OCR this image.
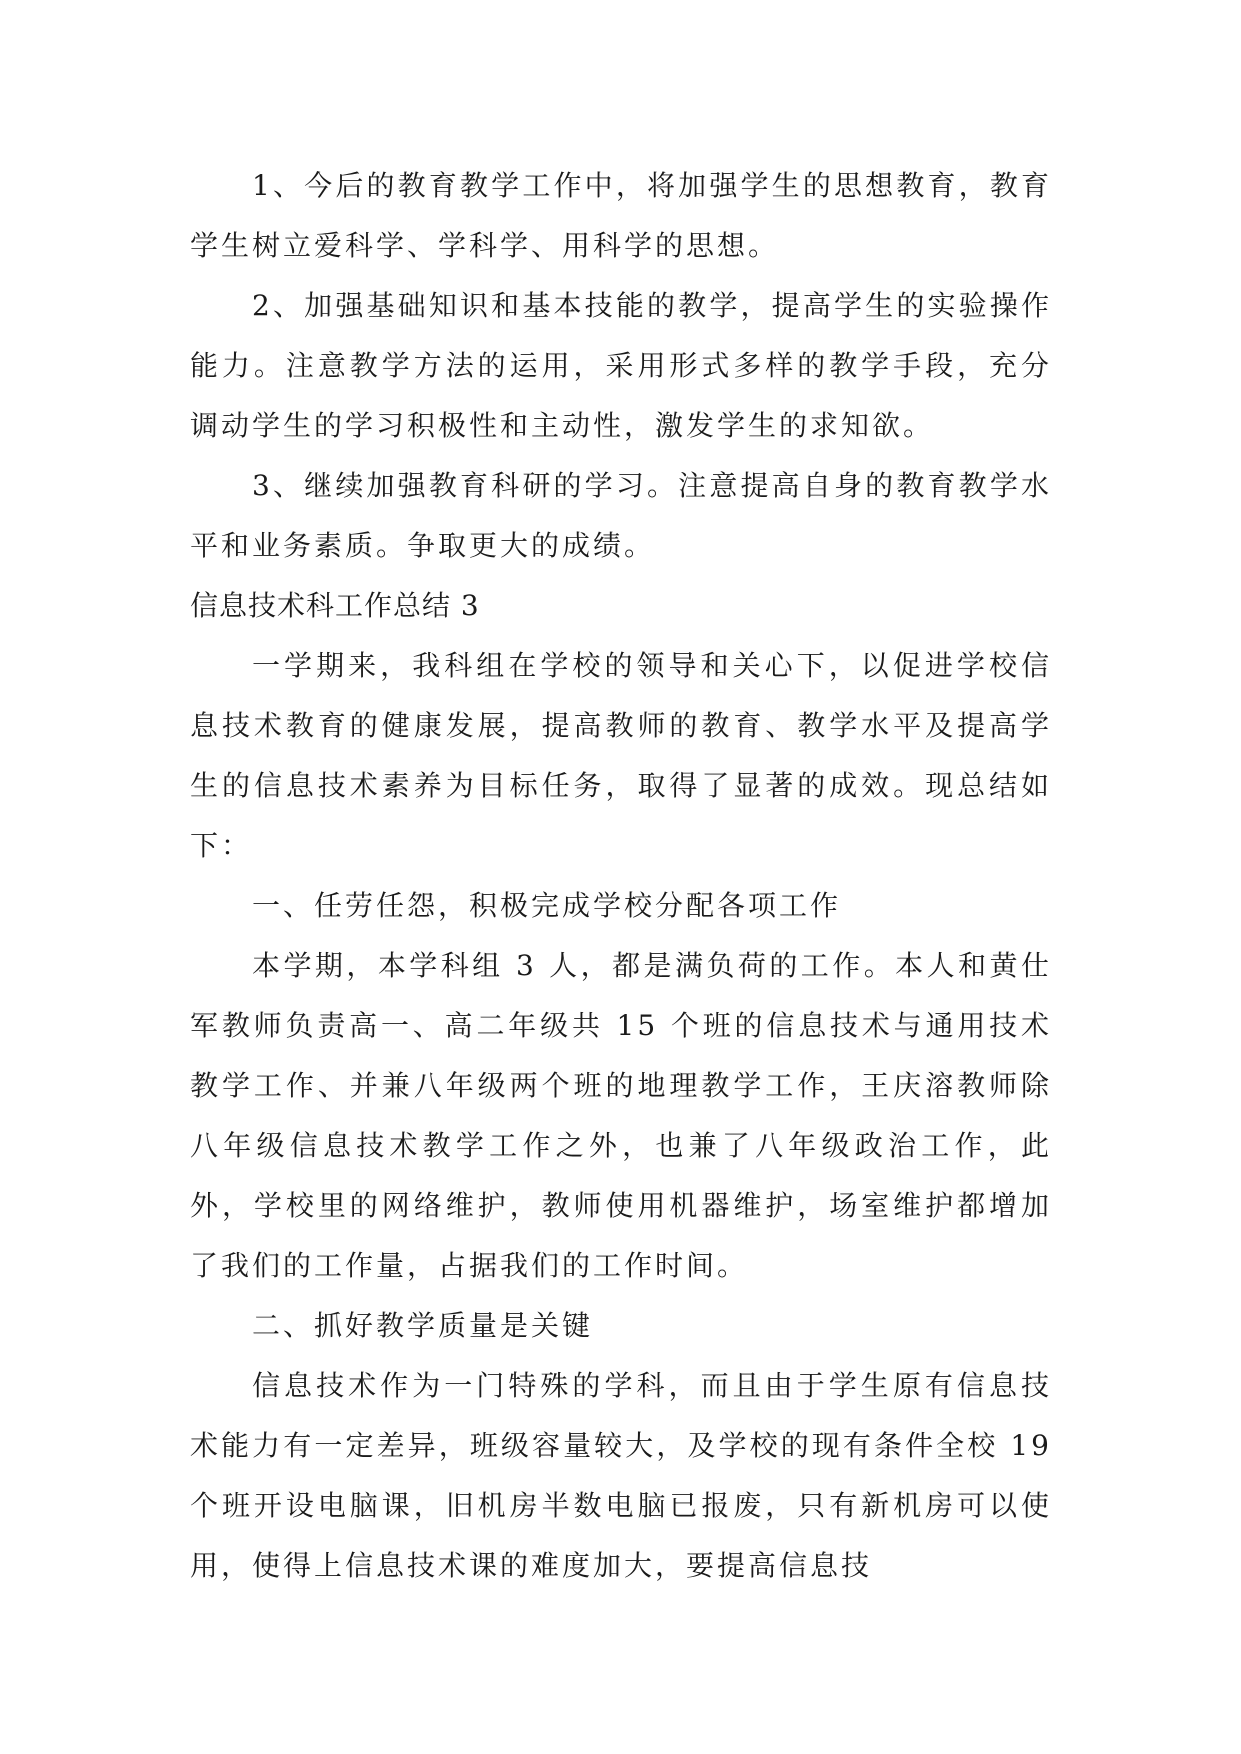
1、今后的教育教学工作中，将加强学生的思想教育，教育学生树立爱科学、学科学、用科学的思想。

2、加强基础知识和基本技能的教学，提高学生的实验操作能力。注意教学方法的运用，采用形式多样的教学手段，充分调动学生的学习积极性和主动性，激发学生的求知欲。

3、继续加强教育科研的学习。注意提高自身的教育教学水平和业务素质。争取更大的成绩。

信息技术科工作总结 3

一学期来，我科组在学校的领导和关心下，以促进学校信息技术教育的健康发展，提高教师的教育、教学水平及提高学生的信息技术素养为目标任务，取得了显著的成效。现总结如下：

一、任劳任怨，积极完成学校分配各项工作

本学期，本学科组 3 人，都是满负荷的工作。本人和黄仕军教师负责高一、高二年级共 15 个班的信息技术与通用技术教学工作、并兼八年级两个班的地理教学工作，王庆溶教师除八年级信息技术教学工作之外，也兼了八年级政治工作，此外，学校里的网络维护，教师使用机器维护，场室维护都增加了我们的工作量，占据我们的工作时间。

二、抓好教学质量是关键

信息技术作为一门特殊的学科，而且由于学生原有信息技术能力有一定差异，班级容量较大，及学校的现有条件全校 19 个班开设电脑课，旧机房半数电脑已报废，只有新机房可以使用，使得上信息技术课的难度加大，要提高信息技
